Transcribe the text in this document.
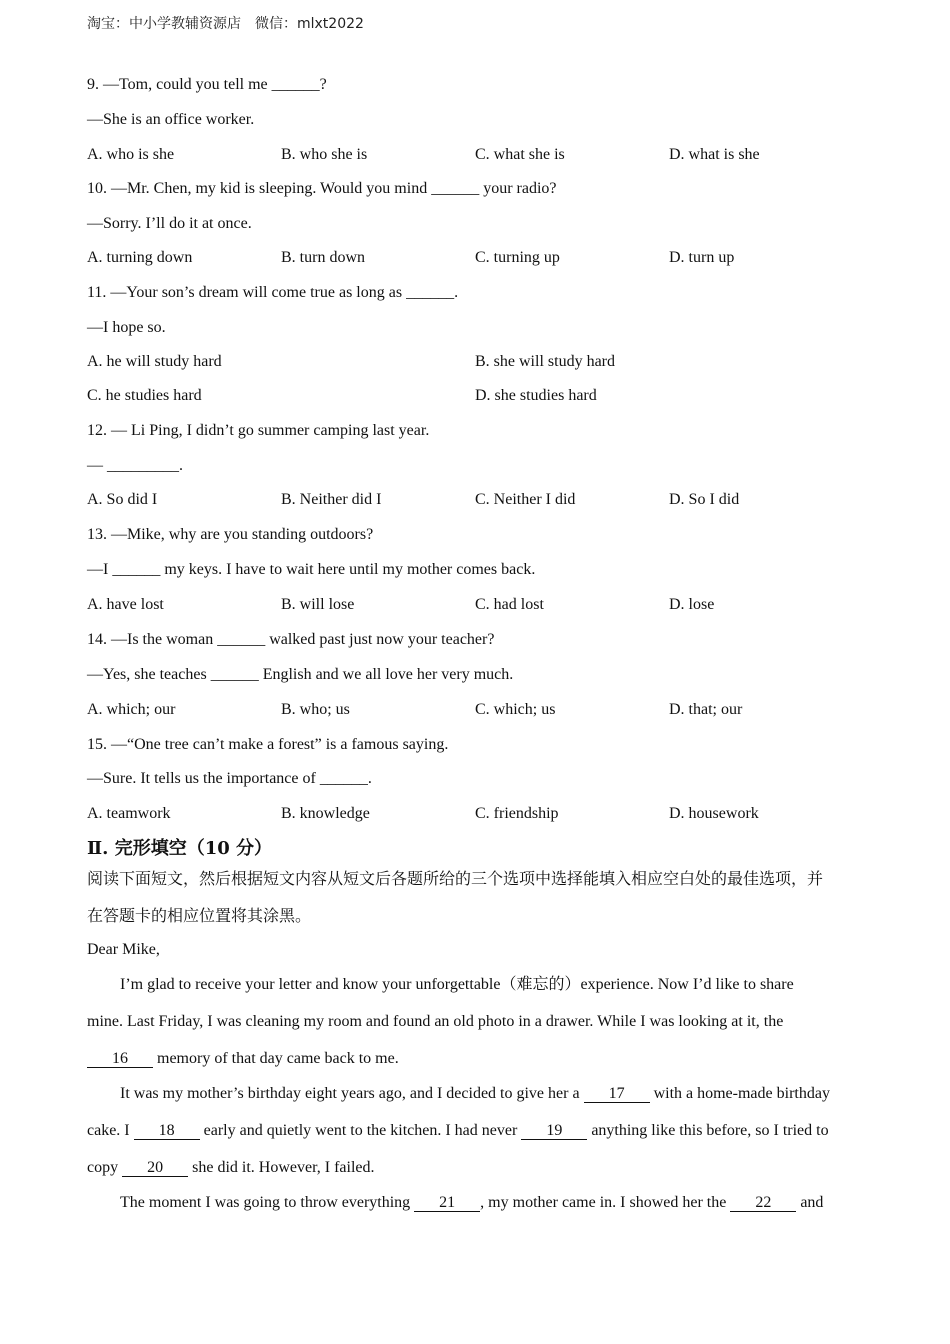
淘宝：中小学教辅资源店 微信：mlxt2022
9. —Tom, could you tell me ______?
—She is an office worker.
A. who is she	B. who she is	C. what she is	D. what is she
10. —Mr. Chen, my kid is sleeping. Would you mind ______ your radio?
—Sorry. I’ll do it at once.
A. turning down	B. turn down	C. turning up	D. turn up
11. —Your son’s dream will come true as long as ______.
—I hope so.
A. he will study hard	B. she will study hard
C. he studies hard	D. she studies hard
12. — Li Ping, I didn’t go summer camping last year.
— _________.
A. So did I	B. Neither did I	C. Neither I did	D. So I did
13. —Mike, why are you standing outdoors?
—I ______ my keys. I have to wait here until my mother comes back.
A. have lost	B. will lose	C. had lost	D. lose
14. —Is the woman ______ walked past just now your teacher?
—Yes, she teaches ______ English and we all love her very much.
A. which; our	B. who; us	C. which; us	D. that; our
15. —“One tree can’t make a forest” is a famous saying.
—Sure. It tells us the importance of ______.
A. teamwork	B. knowledge	C. friendship	D. housework
Ⅱ. 完形填空（10 分）
阅读下面短文，然后根据短文内容从短文后各题所给的三个选项中选择能填入相应空白处的最佳选项，并
在答题卡的相应位置将其涂黑。
Dear Mike,
I’m glad to receive your letter and know your unforgettable（难忘的）experience. Now I’d like to share
mine. Last Friday, I was cleaning my room and found an old photo in a drawer. While I was looking at it, the
16 memory of that day came back to me.
It was my mother’s birthday eight years ago, and I decided to give her a 17 with a home-made birthday
cake. I 18 early and quietly went to the kitchen. I had never 19 anything like this before, so I tried to
copy 20 she did it. However, I failed.
The moment I was going to throw everything 21 , my mother came in. I showed her the 22 and
